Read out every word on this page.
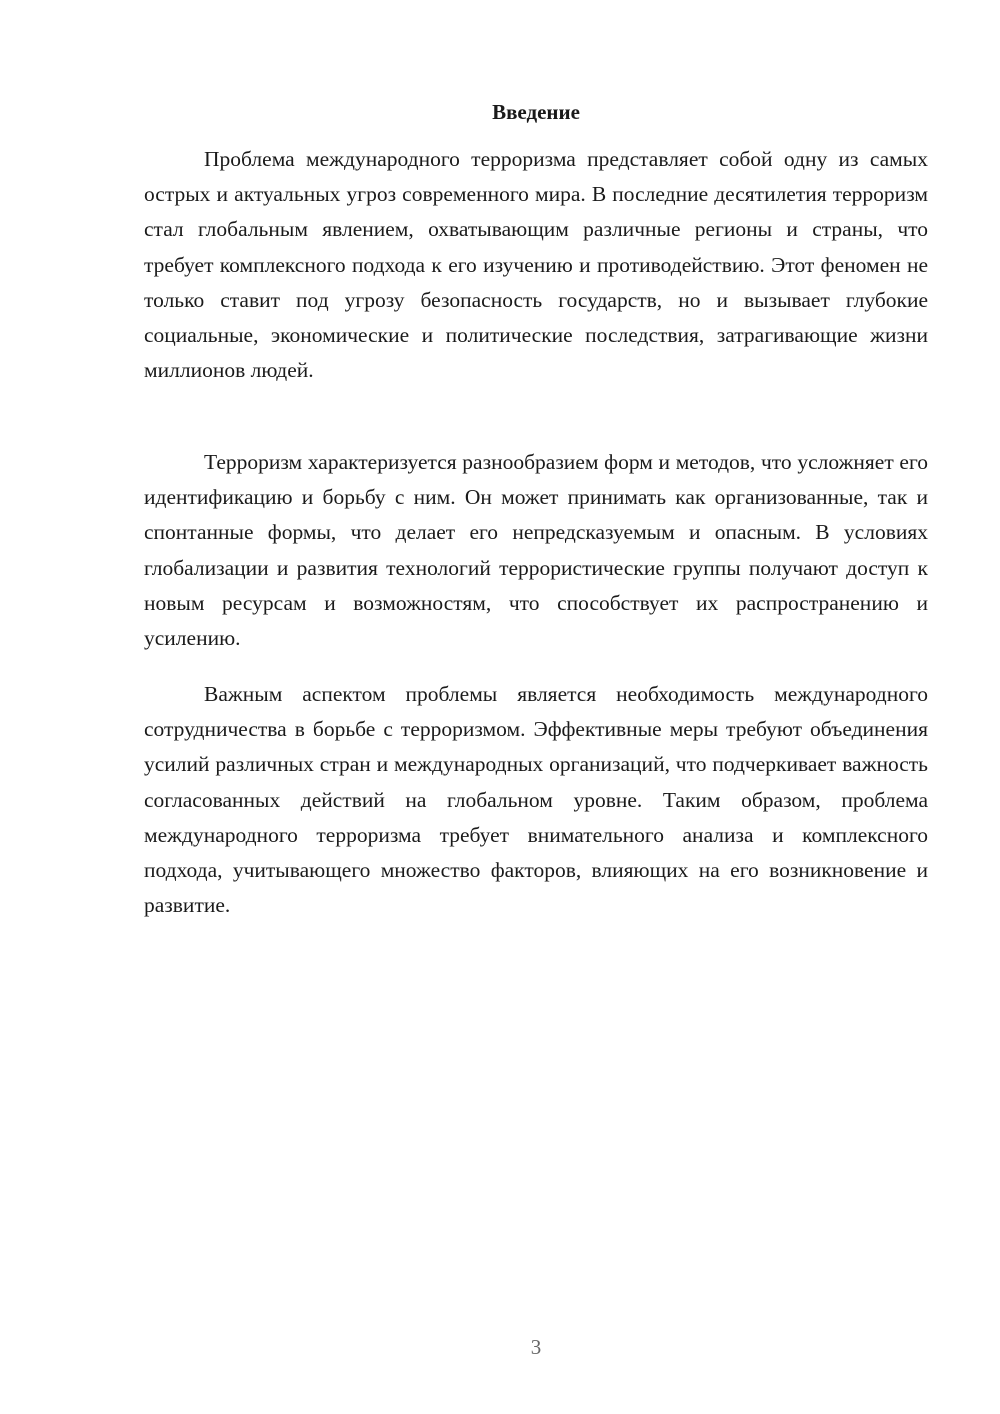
Введение

Проблема международного терроризма представляет собой одну из самых острых и актуальных угроз современного мира. В последние десятилетия терроризм стал глобальным явлением, охватывающим различные регионы и страны, что требует комплексного подхода к его изучению и противодействию. Этот феномен не только ставит под угрозу безопасность государств, но и вызывает глубокие социальные, экономические и политические последствия, затрагивающие жизни миллионов людей.

Терроризм характеризуется разнообразием форм и методов, что усложняет его идентификацию и борьбу с ним. Он может принимать как организованные, так и спонтанные формы, что делает его непредсказуемым и опасным. В условиях глобализации и развития технологий террористические группы получают доступ к новым ресурсам и возможностям, что способствует их распространению и усилению.

Важным аспектом проблемы является необходимость международного сотрудничества в борьбе с терроризмом. Эффективные меры требуют объединения усилий различных стран и международных организаций, что подчеркивает важность согласованных действий на глобальном уровне. Таким образом, проблема международного терроризма требует внимательного анализа и комплексного подхода, учитывающего множество факторов, влияющих на его возникновение и развитие.

3
